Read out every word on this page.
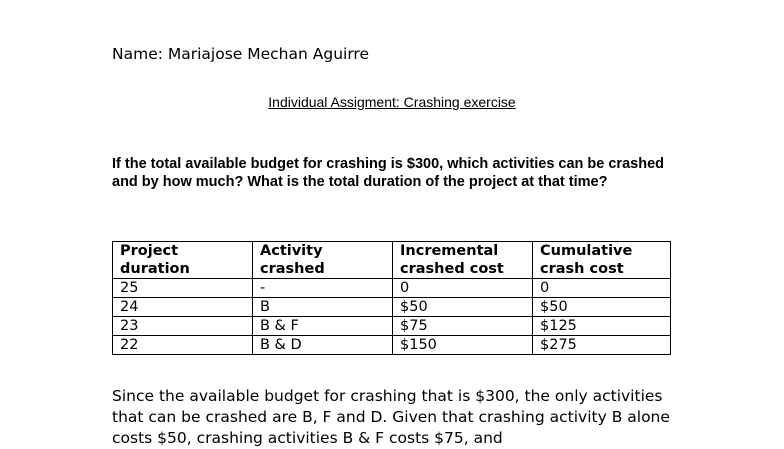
Name: Mariajose Mechan Aguirre
Individual Assigment: Crashing exercise
If the total available budget for crashing is $300, which activities can be crashed and by how much? What is the total duration of the project at that time?
Project duration	Activity crashed	Incremental crashed cost	Cumulative crash cost
25	-	0	0
24	B	$50	$50
23	B & F	$75	$125
22	B & D	$150	$275
Since the available budget for crashing that is $300, the only activities that can be crashed are B, F and D. Given that crashing activity B alone costs $50, crashing activities B & F costs $75, and
